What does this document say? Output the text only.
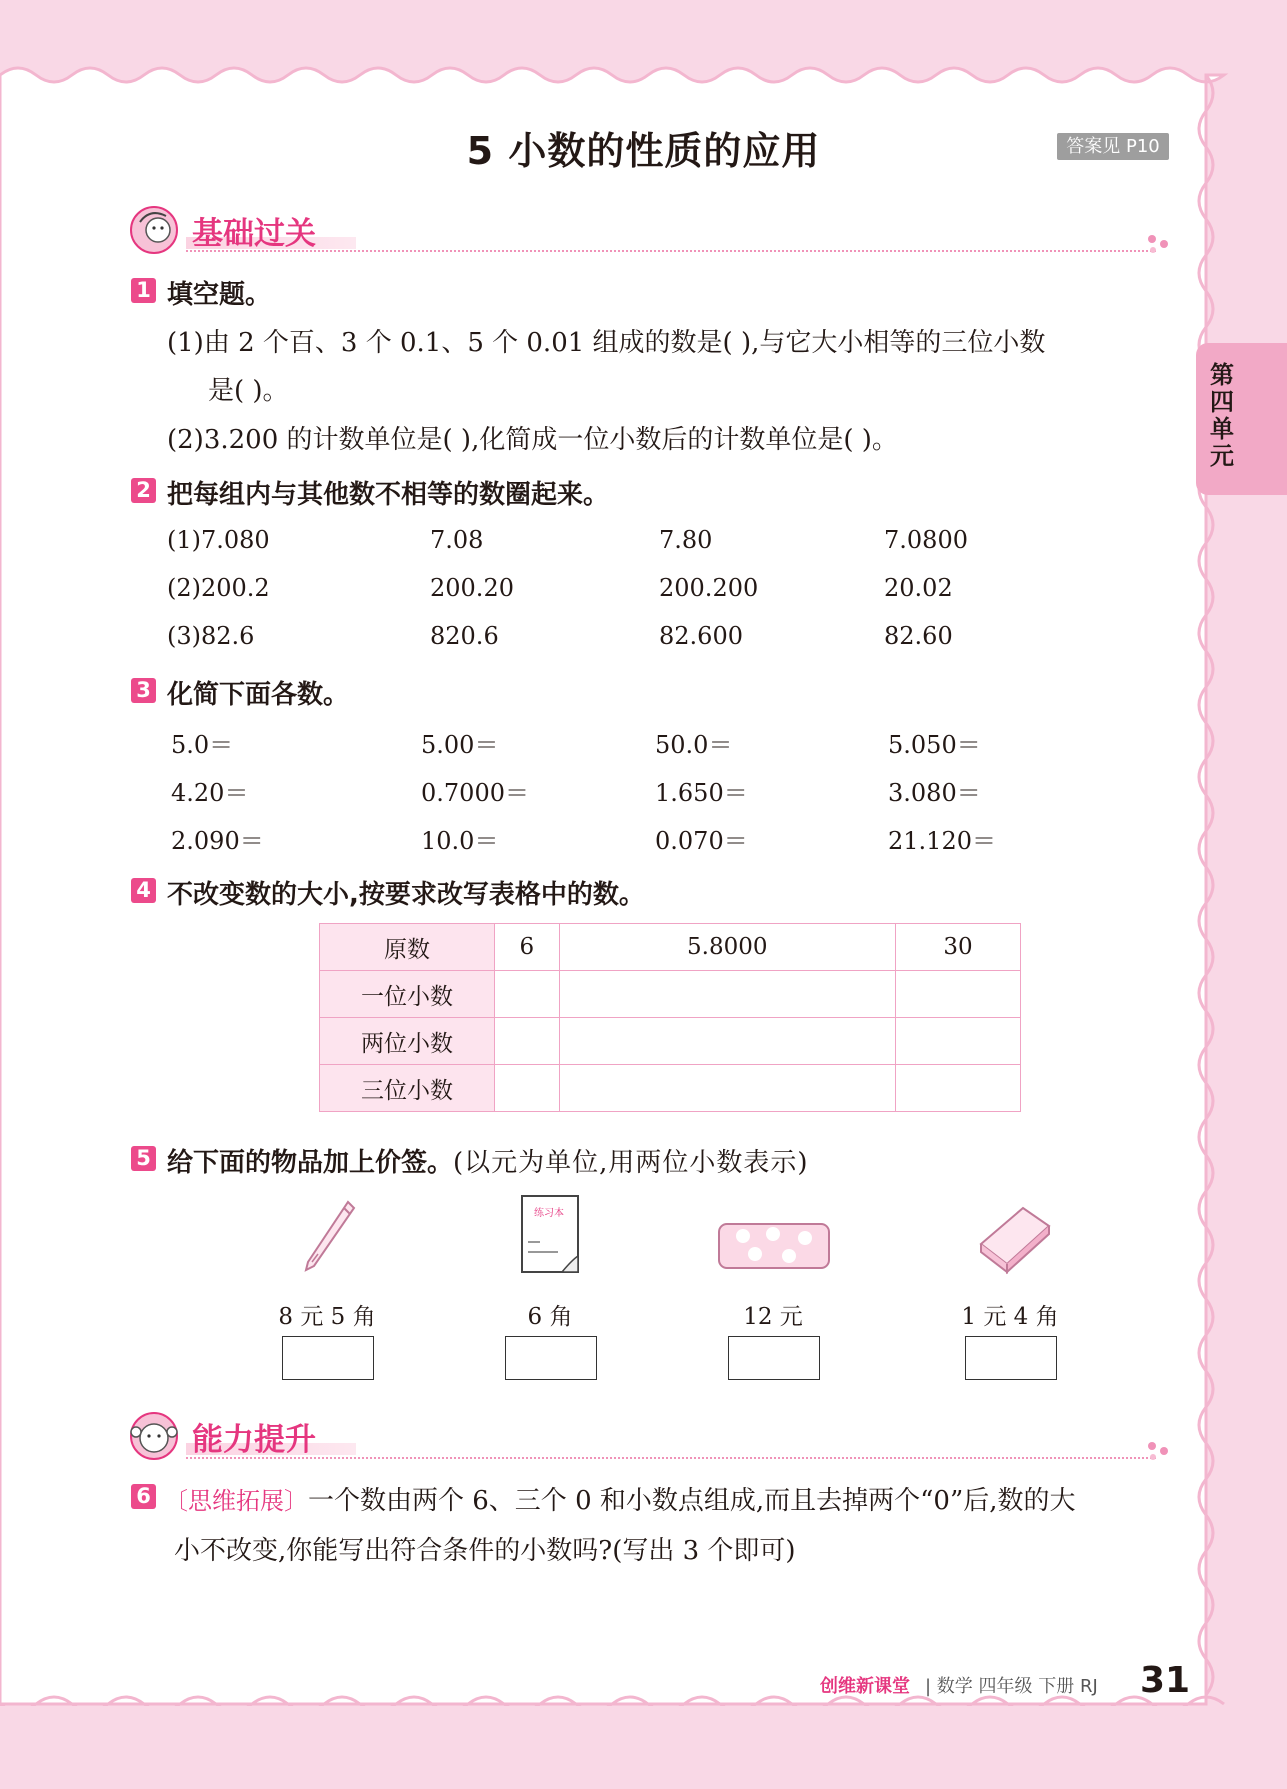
第四单元
5 小数的性质的应用	答案见 P10
基础过关
1 填空题。
(1)由 2 个百、3 个 0.1、5 个 0.01 组成的数是( ),与它大小相等的三位小数
是( )。
(2)3.200 的计数单位是( ),化简成一位小数后的计数单位是( )。
2 把每组内与其他数不相等的数圈起来。
(1)7.080	7.08	7.80	7.0800
(2)200.2	200.20	200.200	20.02
(3)82.6	820.6	82.600	82.60
3 化简下面各数。
5.0＝	5.00＝	50.0＝	5.050＝
4.20＝	0.7000＝	1.650＝	3.080＝
2.090＝	10.0＝	0.070＝	21.120＝
4 不改变数的大小,按要求改写表格中的数。
原数	6	5.8000	30
一位小数			
两位小数			
三位小数			
5 给下面的物品加上价签。(以元为单位,用两位小数表示)
练习本
8 元 5 角	6 角	12 元	1 元 4 角
能力提升
6 〔思维拓展〕一个数由两个 6、三个 0 和小数点组成,而且去掉两个“0”后,数的大
小不改变,你能写出符合条件的小数吗?(写出 3 个即可)
创维新课堂 | 数学 四年级 下册 RJ 31
